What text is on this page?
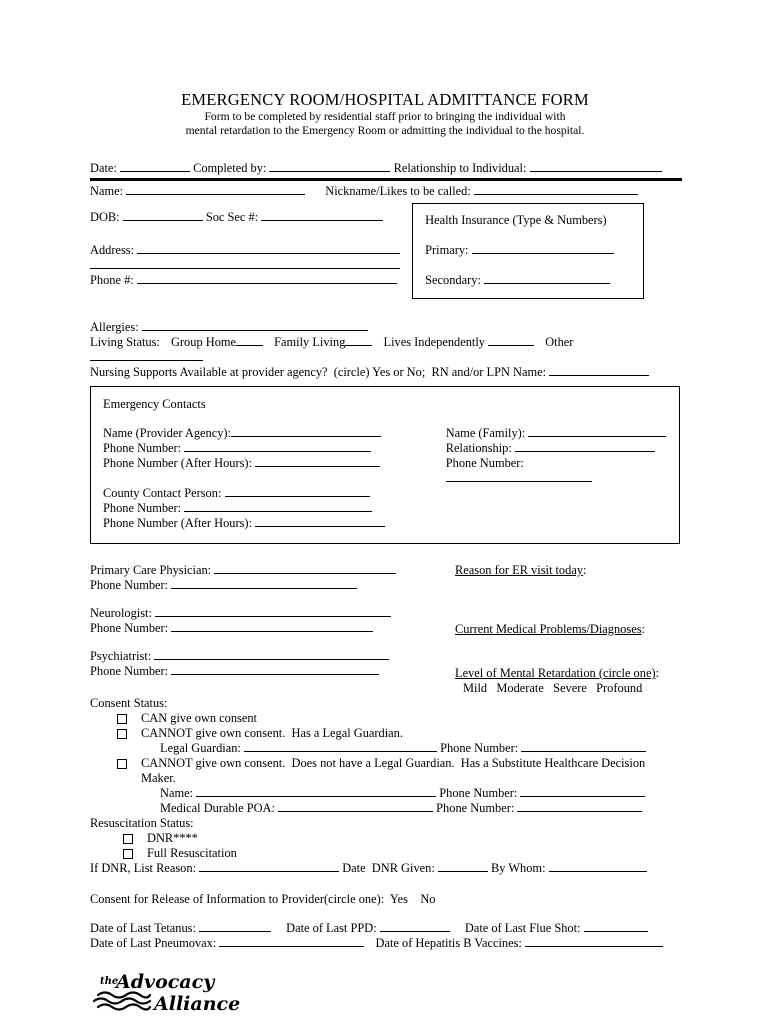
EMERGENCY ROOM/HOSPITAL ADMITTANCE FORM
Form to be completed by residential staff prior to bringing the individual with
mental retardation to the Emergency Room or admitting the individual to the hospital.
Date:	Completed by:	Relationship to Individual:
Name:	Nickname/Likes to be called:
DOB:	Soc Sec #:
Address:
Phone #:
Health Insurance (Type & Numbers)
Primary:
Secondary:
Allergies:
Living Status: Group Home	Family Living	Lives Independently	Other
Nursing Supports Available at provider agency?  (circle) Yes or No;  RN and/or LPN Name:
Emergency Contacts
Name (Provider Agency):
Phone Number:
Phone Number (After Hours):
County Contact Person:
Phone Number:
Phone Number (After Hours):
Name (Family):
Relationship:
Phone Number:
Primary Care Physician:
Phone Number:
Neurologist:
Phone Number:
Psychiatrist:
Phone Number:
Reason for ER visit today:
Current Medical Problems/Diagnoses:
Level of Mental Retardation (circle one):
Mild   Moderate   Severe   Profound
Consent Status:
CAN give own consent
CANNOT give own consent.  Has a Legal Guardian.
Legal Guardian:	Phone Number:
CANNOT give own consent.  Does not have a Legal Guardian.  Has a Substitute Healthcare Decision Maker.
Name:	Phone Number:
Medical Durable POA:	Phone Number:
Resuscitation Status:
DNR****
Full Resuscitation
If DNR, List Reason:	Date  DNR Given:	By Whom:
Consent for Release of Information to Provider(circle one):  Yes    No
Date of Last Tetanus:	Date of Last PPD:	Date of Last Flue Shot:
Date of Last Pneumovax:	Date of Hepatitis B Vaccines:
the
Advocacy
Alliance
